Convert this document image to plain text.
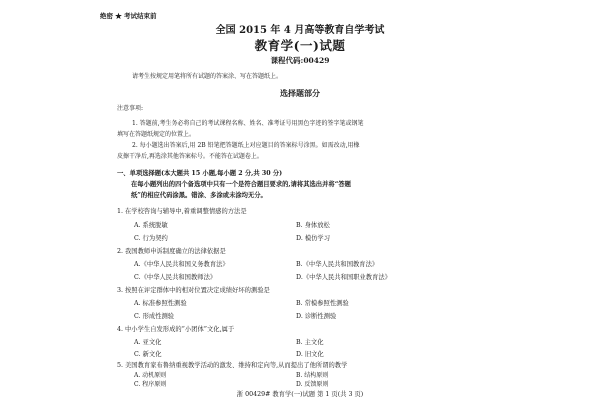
绝密 ★ 考试结束前
全国 2015 年 4 月高等教育自学考试
教育学(一)试题
课程代码:00429
请考生按规定用笔将所有试题的答案涂、写在答题纸上。
选择题部分
注意事项:
1. 答题前,考生务必将自己的考试课程名称、姓名、准考证号用黑色字迹的签字笔或钢笔
填写在答题纸规定的位置上。
2. 每小题选出答案后,用 2B 铅笔把答题纸上对应题目的答案标号涂黑。如需改动,用橡
皮擦干净后,再选涂其他答案标号。不能答在试题卷上。
一、单项选择题(本大题共 15 小题,每小题 2 分,共 30 分)
在每小题列出的四个备选项中只有一个是符合题目要求的,请将其选出并将“答题
纸”的相应代码涂黑。错涂、多涂或未涂均无分。
1. 在学校咨询与辅导中,着重调整情感的方法是
A. 系统脱敏	B. 身体放松
C. 行为契约	D. 模仿学习
2. 我国教师申诉制度确立的法律依据是
A.《中华人民共和国义务教育法》	B.《中华人民共和国教育法》
C.《中华人民共和国教师法》	D.《中华人民共和国职业教育法》
3. 按照在评定群体中的相对位置决定成绩好坏的测验是
A. 标准参照性测验	B. 常模参照性测验
C. 形成性测验	D. 诊断性测验
4. 中小学生自发形成的“小团体”文化,属于
A. 亚文化	B. 主文化
C. 新文化	D. 旧文化
5. 美国教育家布鲁纳重视教学活动的激发、维持和定向等,从而提出了他所谓的教学
A. 动机原则	B. 结构原则
C. 程序原则	D. 反馈原则
浙 00429# 教育学(一)试题 第 1 页(共 3 页)
